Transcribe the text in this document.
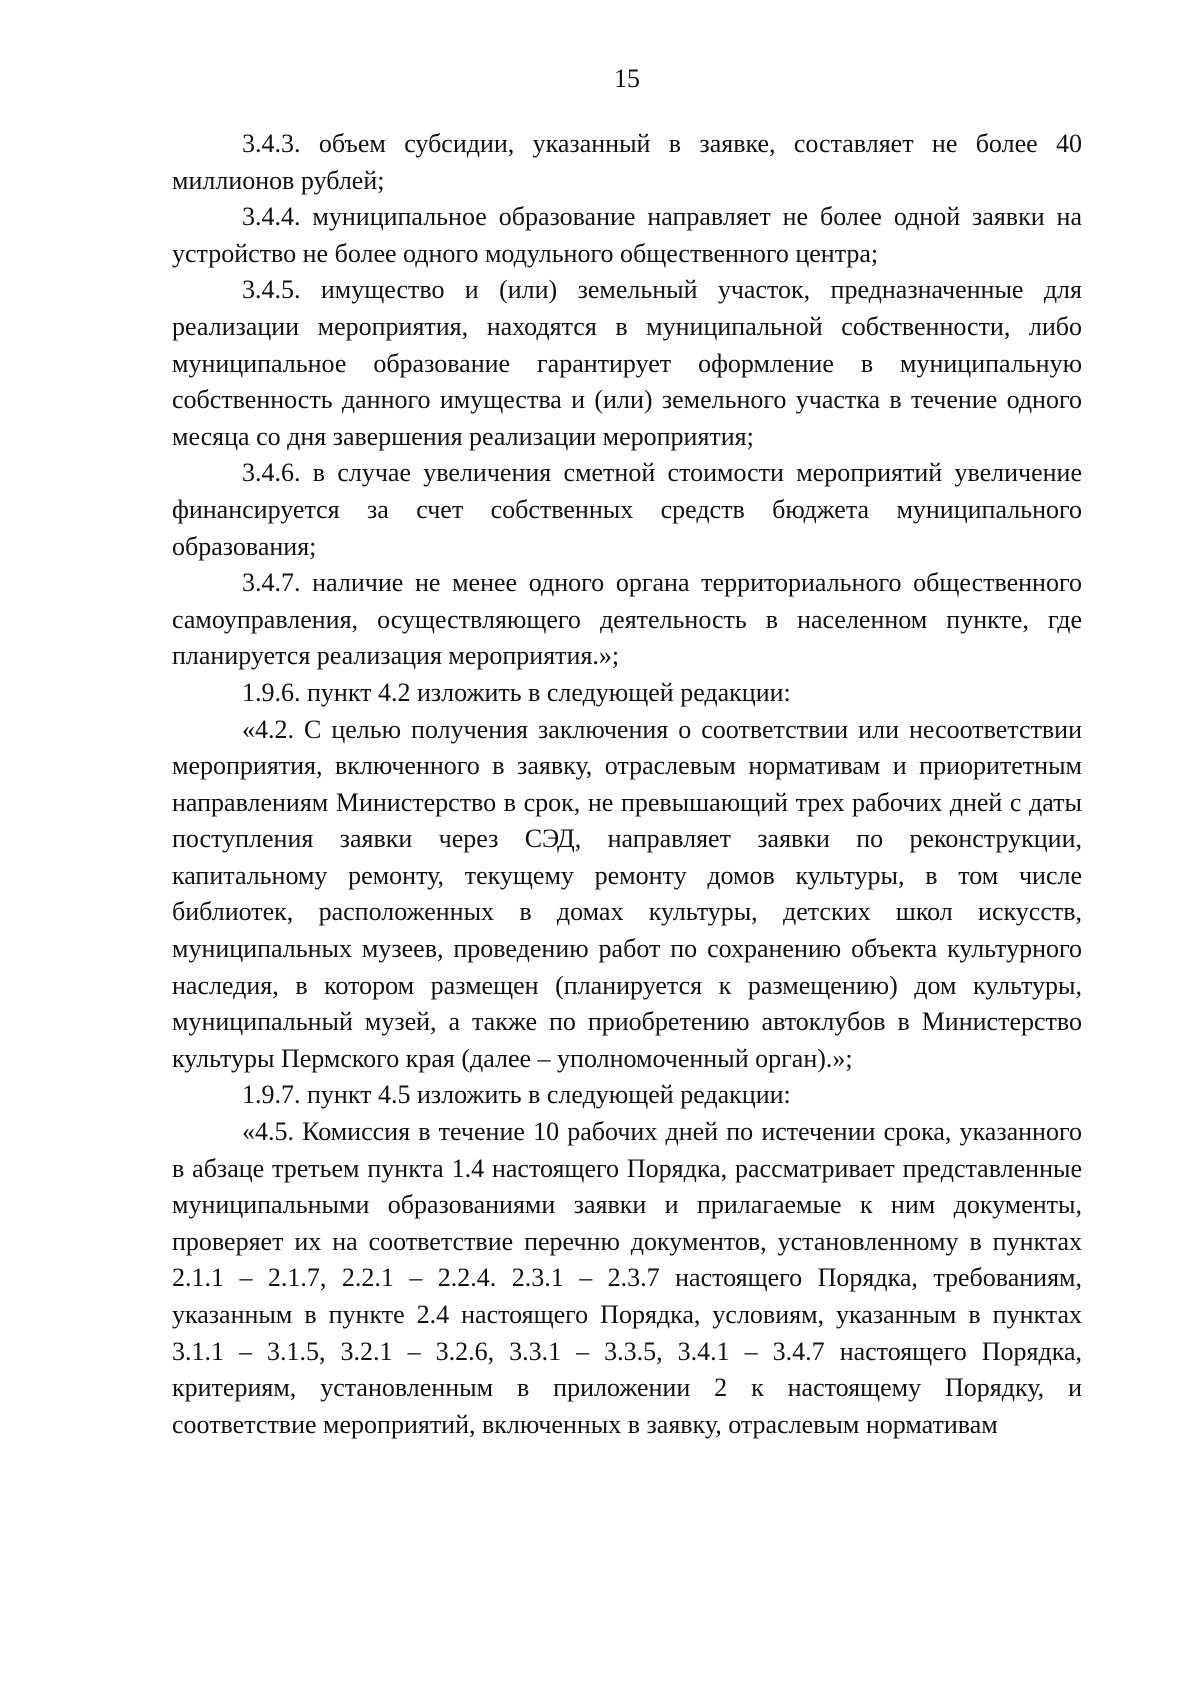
15

3.4.3. объем субсидии, указанный в заявке, составляет не более 40 миллионов рублей;

3.4.4. муниципальное образование направляет не более одной заявки на устройство не более одного модульного общественного центра;

3.4.5. имущество и (или) земельный участок, предназначенные для реализации мероприятия, находятся в муниципальной собственности, либо муниципальное образование гарантирует оформление в муниципальную собственность данного имущества и (или) земельного участка в течение одного месяца со дня завершения реализации мероприятия;

3.4.6. в случае увеличения сметной стоимости мероприятий увеличение финансируется за счет собственных средств бюджета муниципального образования;

3.4.7. наличие не менее одного органа территориального общественного самоуправления, осуществляющего деятельность в населенном пункте, где планируется реализация мероприятия.»;

1.9.6. пункт 4.2 изложить в следующей редакции:

«4.2. С целью получения заключения о соответствии или несоответствии мероприятия, включенного в заявку, отраслевым нормативам и приоритетным направлениям Министерство в срок, не превышающий трех рабочих дней с даты поступления заявки через СЭД, направляет заявки по реконструкции, капитальному ремонту, текущему ремонту домов культуры, в том числе библиотек, расположенных в домах культуры, детских школ искусств, муниципальных музеев, проведению работ по сохранению объекта культурного наследия, в котором размещен (планируется к размещению) дом культуры, муниципальный музей, а также по приобретению автоклубов в Министерство культуры Пермского края (далее – уполномоченный орган).»;

1.9.7. пункт 4.5 изложить в следующей редакции:

«4.5. Комиссия в течение 10 рабочих дней по истечении срока, указанного в абзаце третьем пункта 1.4 настоящего Порядка, рассматривает представленные муниципальными образованиями заявки и прилагаемые к ним документы, проверяет их на соответствие перечню документов, установленному в пунктах 2.1.1 – 2.1.7, 2.2.1 – 2.2.4. 2.3.1 – 2.3.7 настоящего Порядка, требованиям, указанным в пункте 2.4 настоящего Порядка, условиям, указанным в пунктах 3.1.1 – 3.1.5, 3.2.1 – 3.2.6, 3.3.1 – 3.3.5, 3.4.1 – 3.4.7 настоящего Порядка, критериям, установленным в приложении 2 к настоящему Порядку, и соответствие мероприятий, включенных в заявку, отраслевым нормативам
